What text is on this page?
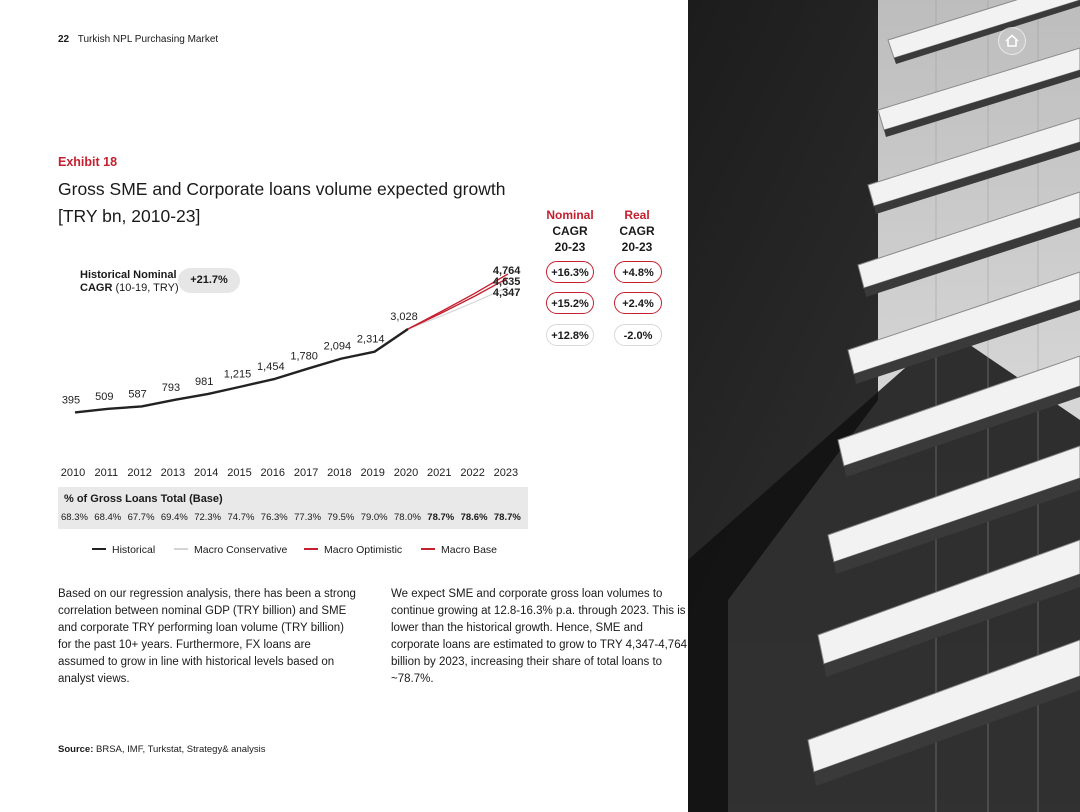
22 Turkish NPL Purchasing Market
Exhibit 18
Gross SME and Corporate loans volume expected growth [TRY bn, 2010-23]	Nominal
CAGR
20-23
Real
CAGR
20-23
+16.3%	+4.8%
+15.2%	+2.4%
+12.8%	-2.0%
Historical Nominal
CAGR (10-19, TRY)
+21.7%
395 509 587
793 981
1,215
1,454
1,780
2,094
2,314
3,028
4,764
4,635
4,347
2010 2011 2012 2013 2014 2015 2016 2017 2018 2019 2020 2021 2022 2023
% of Gross Loans Total (Base)
68.3% 68.4% 67.7% 69.4% 72.3% 74.7% 76.3% 77.3% 79.5% 79.0% 78.0% 78.7% 78.6% 78.7%
Historical	Macro Conservative	Macro Optimistic	Macro Base
Based on our regression analysis, there has been a strong correlation between nominal GDP (TRY billion) and SME and corporate TRY performing loan volume (TRY billion) for the past 10+ years. Furthermore, FX loans are assumed to grow in line with historical levels based on analyst views.
We expect SME and corporate gross loan volumes to continue growing at 12.8-16.3% p.a. through 2023. This is lower than the historical growth. Hence, SME and corporate loans are estimated to grow to TRY 4,347-4,764 billion by 2023, increasing their share of total loans to ~78.7%.
Source: BRSA, IMF, Turkstat, Strategy& analysis
